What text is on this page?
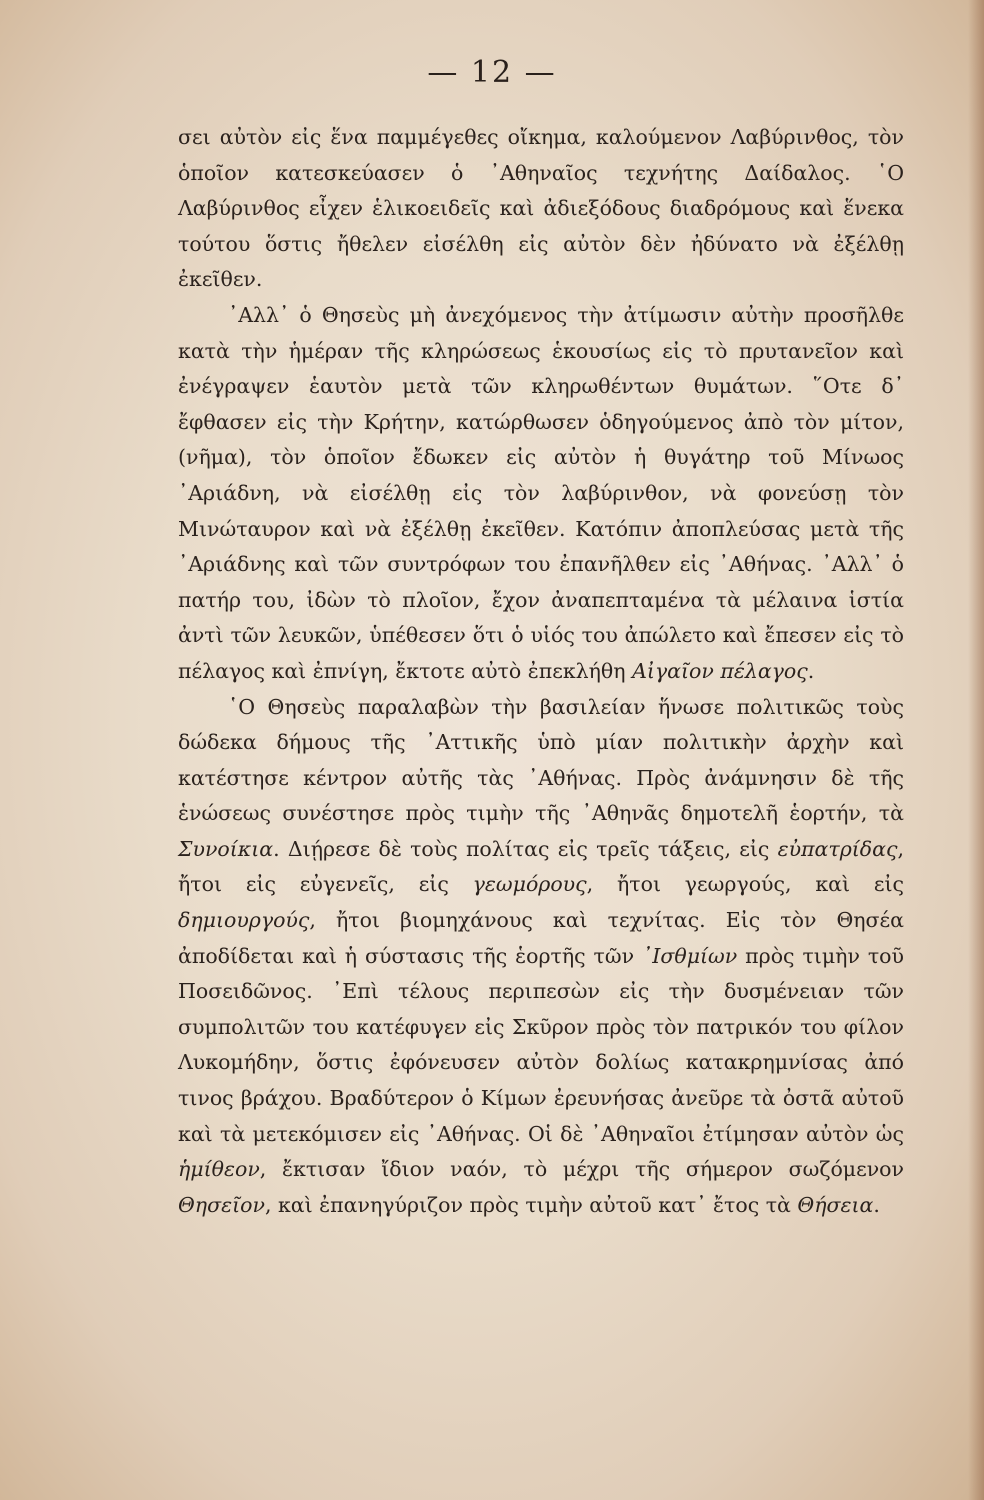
— 12 —

σει αὐτὸν εἰς ἕνα παμμέγεθες οἴκημα, καλούμενον Λαβύρινθος, τὸν ὁποῖον κατεσκεύασεν ὁ ᾿Αθηναῖος τεχνήτης Δαίδαλος. ῾Ο Λαβύρινθος εἶχεν ἑλικοειδεῖς καὶ ἀδιεξόδους διαδρόμους καὶ ἕνεκα τούτου ὅστις ἤθελεν εἰσέλθη εἰς αὐτὸν δὲν ἠδύνατο νὰ ἐξέλθῃ ἐκεῖθεν.

᾿Αλλ᾿ ὁ Θησεὺς μὴ ἀνεχόμενος τὴν ἀτίμωσιν αὐτὴν προσῆλθε κατὰ τὴν ἡμέραν τῆς κληρώσεως ἑκουσίως εἰς τὸ πρυτανεῖον καὶ ἐνέγραψεν ἑαυτὸν μετὰ τῶν κληρωθέντων θυμάτων. ῞Οτε δ᾿ ἔφθασεν εἰς τὴν Κρήτην, κατώρθωσεν ὁδηγούμενος ἀπὸ τὸν μίτον, (νῆμα), τὸν ὁποῖον ἔδωκεν εἰς αὐτὸν ἡ θυγάτηρ τοῦ Μίνωος ᾿Αριάδνη, νὰ εἰσέλθῃ εἰς τὸν λαβύρινθον, νὰ φονεύσῃ τὸν Μινώταυρον καὶ νὰ ἐξέλθῃ ἐκεῖθεν. Κατόπιν ἀποπλεύσας μετὰ τῆς ᾿Αριάδνης καὶ τῶν συντρόφων του ἐπανῆλθεν εἰς ᾿Αθήνας. ᾿Αλλ᾿ ὁ πατήρ του, ἰδὼν τὸ πλοῖον, ἔχον ἀναπεπταμένα τὰ μέλαινα ἱστία ἀντὶ τῶν λευκῶν, ὑπέθεσεν ὅτι ὁ υἱός του ἀπώλετο καὶ ἔπεσεν εἰς τὸ πέλαγος καὶ ἐπνίγη, ἔκτοτε αὐτὸ ἐπεκλήθη Αἰγαῖον πέλαγος.

῾Ο Θησεὺς παραλαβὼν τὴν βασιλείαν ἥνωσε πολιτικῶς τοὺς δώδεκα δήμους τῆς ᾿Αττικῆς ὑπὸ μίαν πολιτικὴν ἀρχὴν καὶ κατέστησε κέντρον αὐτῆς τὰς ᾿Αθήνας. Πρὸς ἀνάμνησιν δὲ τῆς ἑνώσεως συνέστησε πρὸς τιμὴν τῆς ᾿Αθηνᾶς δημοτελῆ ἑορτήν, τὰ Συνοίκια. Διῄρεσε δὲ τοὺς πολίτας εἰς τρεῖς τάξεις, εἰς εὐπατρίδας, ἤτοι εἰς εὐγενεῖς, εἰς γεωμόρους, ἤτοι γεωργούς, καὶ εἰς δημιουργούς, ἤτοι βιομηχάνους καὶ τεχνίτας. Εἰς τὸν Θησέα ἀποδίδεται καὶ ἡ σύστασις τῆς ἑορτῆς τῶν ᾿Ισθμίων πρὸς τιμὴν τοῦ Ποσειδῶνος. ᾿Επὶ τέλους περιπεσὼν εἰς τὴν δυσμένειαν τῶν συμπολιτῶν του κατέφυγεν εἰς Σκῦρον πρὸς τὸν πατρικόν του φίλον Λυκομήδην, ὅστις ἐφόνευσεν αὐτὸν δολίως κατακρημνίσας ἀπό τινος βράχου. Βραδύτερον ὁ Κίμων ἐρευνήσας ἀνεῦρε τὰ ὀστᾶ αὐτοῦ καὶ τὰ μετεκόμισεν εἰς ᾿Αθήνας. Οἱ δὲ ᾿Αθηναῖοι ἐτίμησαν αὐτὸν ὡς ἡμίθεον, ἔκτισαν ἴδιον ναόν, τὸ μέχρι τῆς σήμερον σωζόμενον Θησεῖον, καὶ ἐπανηγύριζον πρὸς τιμὴν αὐτοῦ κατ᾿ ἔτος τὰ Θήσεια.
